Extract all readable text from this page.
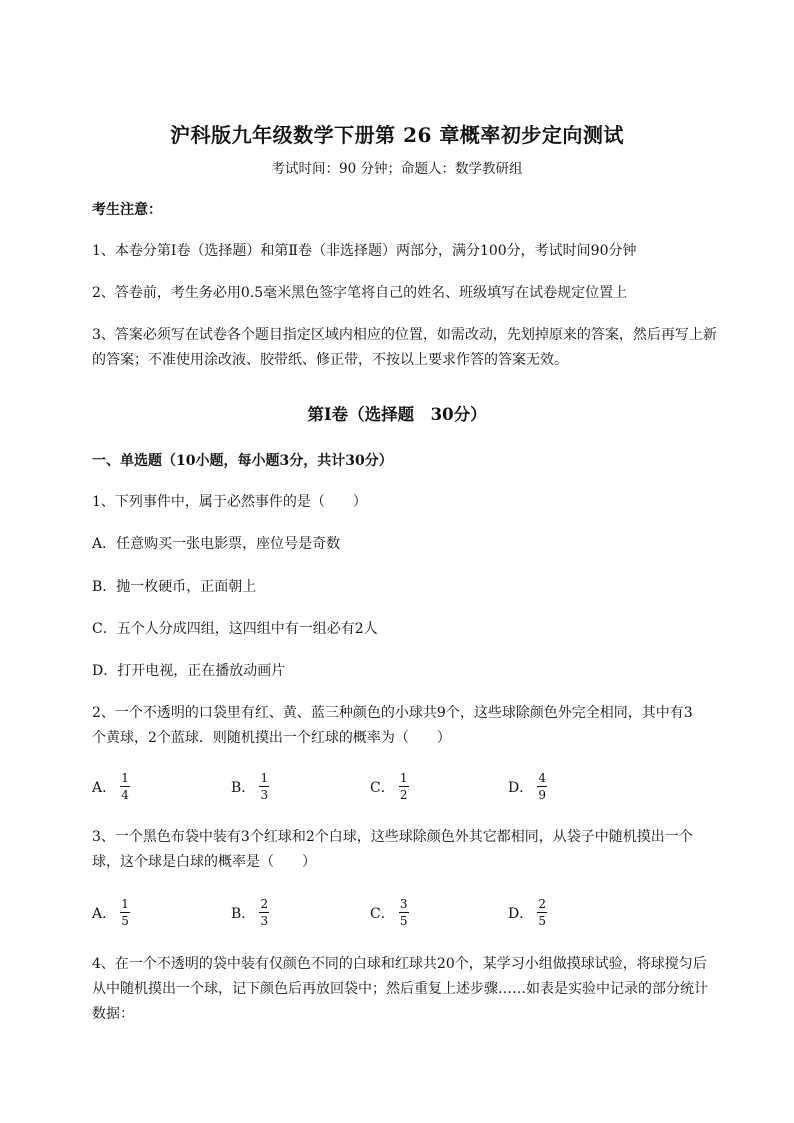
沪科版九年级数学下册第 26 章概率初步定向测试
考试时间：90 分钟；命题人：数学教研组
考生注意：
1、本卷分第Ⅰ卷（选择题）和第Ⅱ卷（非选择题）两部分，满分100分，考试时间90分钟
2、答卷前，考生务必用0.5毫米黑色签字笔将自己的姓名、班级填写在试卷规定位置上
3、答案必须写在试卷各个题目指定区域内相应的位置，如需改动，先划掉原来的答案，然后再写上新
的答案；不准使用涂改液、胶带纸、修正带，不按以上要求作答的答案无效。
第Ⅰ卷（选择题　30分）
一、单选题（10小题，每小题3分，共计30分）
1、下列事件中，属于必然事件的是（　　）
A．任意购买一张电影票，座位号是奇数
B．抛一枚硬币，正面朝上
C．五个人分成四组，这四组中有一组必有2人
D．打开电视，正在播放动画片
2、一个不透明的口袋里有红、黄、蓝三种颜色的小球共9个，这些球除颜色外完全相同，其中有3
个黄球，2个蓝球．则随机摸出一个红球的概率为（　　）
A． $\frac{1}{4}$	B． $\frac{1}{3}$	C． $\frac{1}{2}$	D． $\frac{4}{9}$
3、一个黑色布袋中装有3个红球和2个白球，这些球除颜色外其它都相同，从袋子中随机摸出一个
球，这个球是白球的概率是（　　）
A． $\frac{1}{5}$	B． $\frac{2}{3}$	C． $\frac{3}{5}$	D． $\frac{2}{5}$
4、在一个不透明的袋中装有仅颜色不同的白球和红球共20个，某学习小组做摸球试验，将球搅匀后
从中随机摸出一个球，记下颜色后再放回袋中；然后重复上述步骤……如表是实验中记录的部分统计
数据：
